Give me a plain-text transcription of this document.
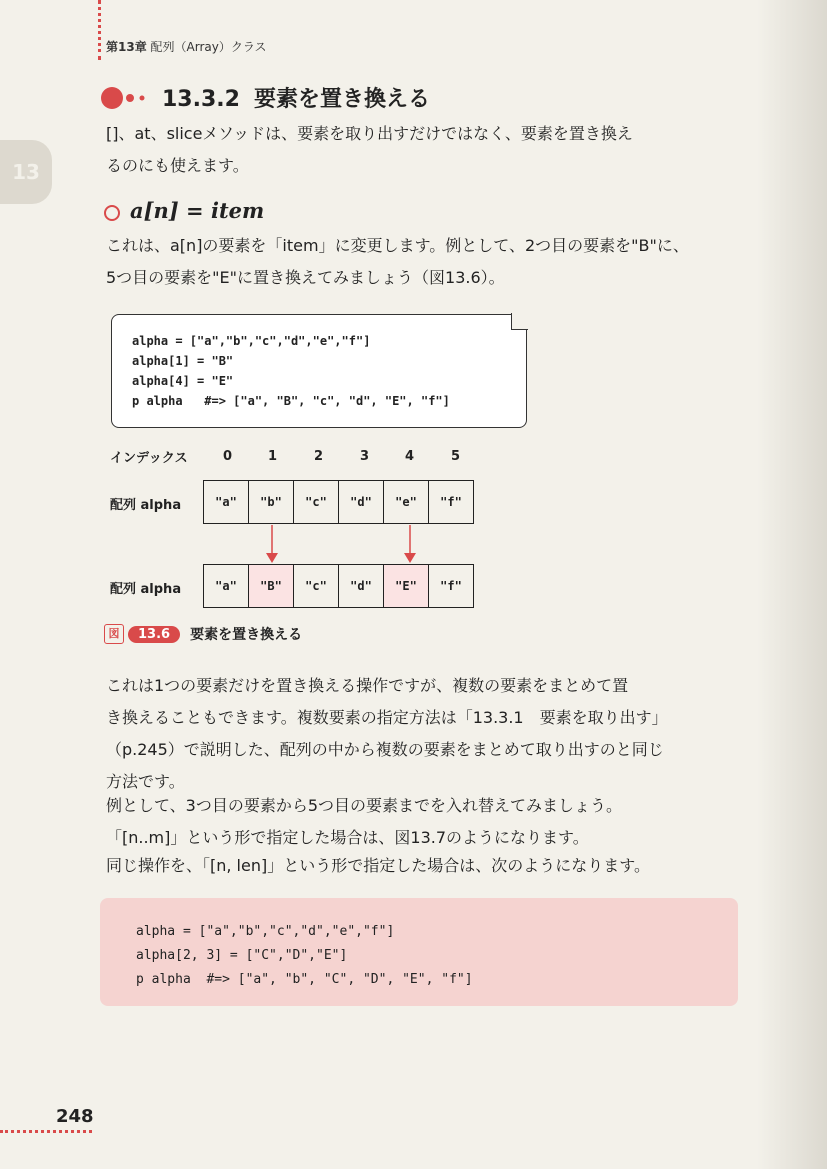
第13章 配列（Array）クラス
13
13.3.2 要素を置き換える
[]、at、sliceメソッドは、要素を取り出すだけではなく、要素を置き換え
るのにも使えます。
a[n] = item
これは、a[n]の要素を「item」に変更します。例として、2つ目の要素を"B"に、
5つ目の要素を"E"に置き換えてみましょう（図13.6）。
alpha = ["a","b","c","d","e","f"]
alpha[1] = "B"
alpha[4] = "E"
p alpha   #=> ["a", "B", "c", "d", "E", "f"]
インデックス	0	1	2	3	4	5
配列 alpha	"a"	"b"	"c"	"d"	"e"	"f"
配列 alpha	"a"	"B"	"c"	"d"	"E"	"f"
図	13.6	要素を置き換える
これは1つの要素だけを置き換える操作ですが、複数の要素をまとめて置
き換えることもできます。複数要素の指定方法は「13.3.1　要素を取り出す」
（p.245）で説明した、配列の中から複数の要素をまとめて取り出すのと同じ
方法です。
例として、3つ目の要素から5つ目の要素までを入れ替えてみましょう。
「[n..m]」という形で指定した場合は、図13.7のようになります。
同じ操作を、「[n, len]」という形で指定した場合は、次のようになります。
alpha = ["a","b","c","d","e","f"]
alpha[2, 3] = ["C","D","E"]
p alpha  #=> ["a", "b", "C", "D", "E", "f"]
248
